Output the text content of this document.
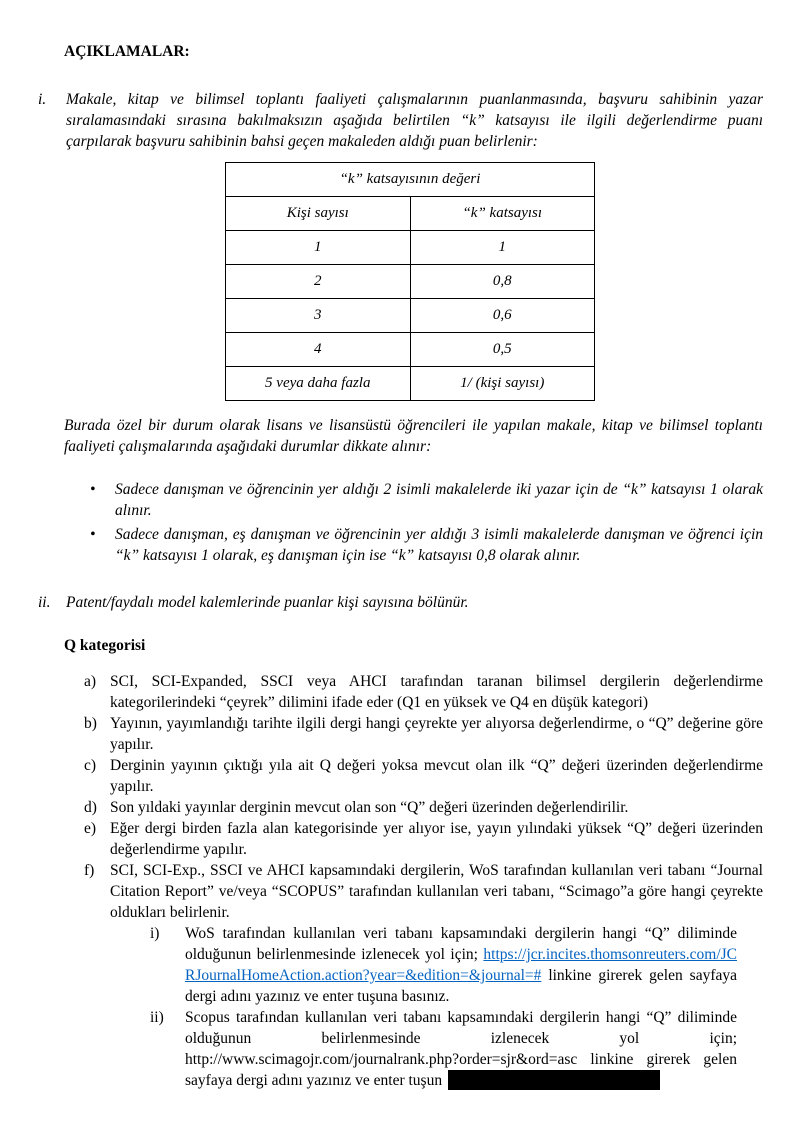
AÇIKLAMALAR:
i.	Makale, kitap ve bilimsel toplantı faaliyeti çalışmalarının puanlanmasında, başvuru sahibinin yazar sıralamasındaki sırasına bakılmaksızın aşağıda belirtilen “k” katsayısı ile ilgili değerlendirme puanı çarpılarak başvuru sahibinin bahsi geçen makaleden aldığı puan belirlenir:

“k” katsayısının değeri	
Kişi sayısı	“k” katsayısı
1	1
2	0,8
3	0,6
4	0,5
5 veya daha fazla	1/ (kişi sayısı)

Burada özel bir durum olarak lisans ve lisansüstü öğrencileri ile yapılan makale, kitap ve bilimsel toplantı faaliyeti çalışmalarında aşağıdaki durumlar dikkate alınır:

•	Sadece danışman ve öğrencinin yer aldığı 2 isimli makalelerde iki yazar için de “k” katsayısı 1 olarak alınır.

•	Sadece danışman, eş danışman ve öğrencinin yer aldığı 3 isimli makalelerde danışman ve öğrenci için “k” katsayısı 1 olarak, eş danışman için ise “k” katsayısı 0,8 olarak alınır.

ii.	Patent/faydalı model kalemlerinde puanlar kişi sayısına bölünür.

Q kategorisi
a) SCI, SCI-Expanded, SSCI veya AHCI tarafından taranan bilimsel dergilerin değerlendirme kategorilerindeki “çeyrek” dilimini ifade eder (Q1 en yüksek ve Q4 en düşük kategori)

b) Yayının, yayımlandığı tarihte ilgili dergi hangi çeyrekte yer alıyorsa değerlendirme, o “Q” değerine göre yapılır.

c) Derginin yayının çıktığı yıla ait Q değeri yoksa mevcut olan ilk “Q” değeri üzerinden değerlendirme yapılır.

d) Son yıldaki yayınlar derginin mevcut olan son “Q” değeri üzerinden değerlendirilir.

e) Eğer dergi birden fazla alan kategorisinde yer alıyor ise, yayın yılındaki yüksek “Q” değeri üzerinden değerlendirme yapılır.

f)	SCI, SCI-Exp., SSCI ve AHCI kapsamındaki dergilerin, WoS tarafından kullanılan veri tabanı “Journal Citation Report” ve/veya “SCOPUS” tarafından kullanılan veri tabanı, “Scimago”a göre hangi çeyrekte oldukları belirlenir.

i)	WoS tarafından kullanılan veri tabanı kapsamındaki dergilerin hangi “Q” diliminde olduğunun belirlenmesinde izlenecek yol için; https://jcr.incites.thomsonreuters.com/JCRJournalHomeAction.action?year=&edition=&journal=# linkine girerek gelen sayfaya dergi adını yazınız ve enter tuşuna basınız.

ii)	Scopus tarafından kullanılan veri tabanı kapsamındaki dergilerin hangi “Q” diliminde olduğunun belirlenmesinde izlenecek yol için; http://www.scimagojr.com/journalrank.php?order=sjr&ord=asc linkine girerek gelen sayfaya dergi adını yazınız ve enter tuşun
